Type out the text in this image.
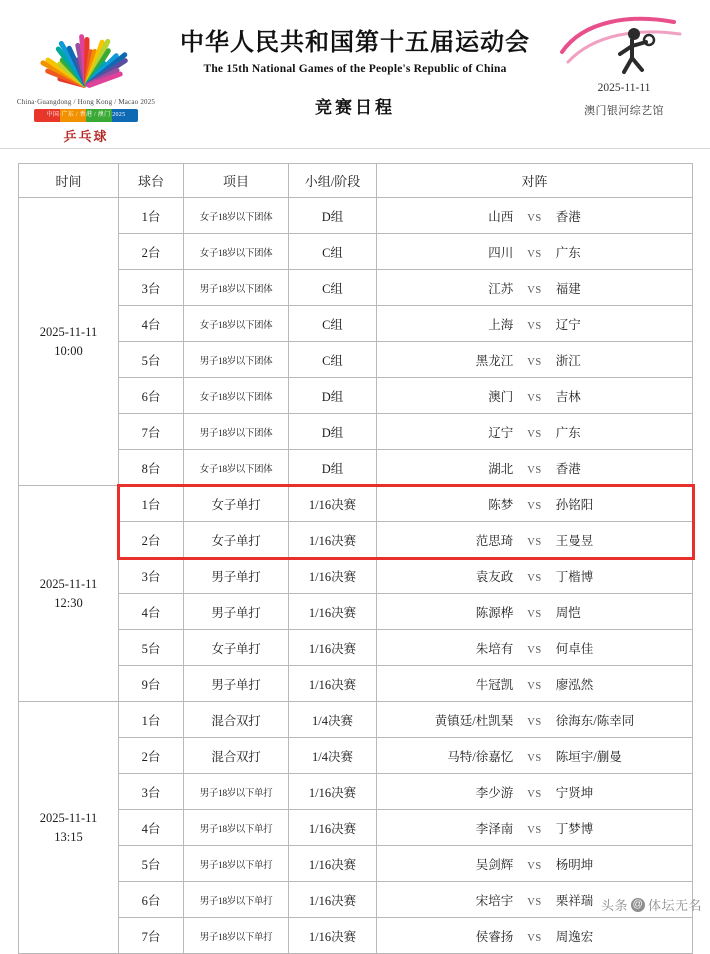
China·Guangdong / Hong Kong / Macao 2025
中国·广东 / 香港 / 澳门 2025
乒乓球
中华人民共和国第十五届运动会
The 15th National Games of the People's Republic of China
竞赛日程
2025-11-11
澳门银河综艺馆
时间	球台	项目	小组/阶段	对阵
2025-11-11
10:00	1台	女子18岁以下团体	D组	山西 VS 香港
	2台	女子18岁以下团体	C组	四川 VS 广东
	3台	男子18岁以下团体	C组	江苏 VS 福建
	4台	女子18岁以下团体	C组	上海 VS 辽宁
	5台	男子18岁以下团体	C组	黑龙江 VS 浙江
	6台	女子18岁以下团体	D组	澳门 VS 吉林
	7台	男子18岁以下团体	D组	辽宁 VS 广东
	8台	女子18岁以下团体	D组	湖北 VS 香港
2025-11-11
12:30	1台	女子单打	1/16决赛	陈梦 VS 孙铭阳
	2台	女子单打	1/16决赛	范思琦 VS 王曼昱
	3台	男子单打	1/16决赛	袁友政 VS 丁楷博
	4台	男子单打	1/16决赛	陈源桦 VS 周恺
	5台	女子单打	1/16决赛	朱培有 VS 何卓佳
	9台	男子单打	1/16决赛	牛冠凯 VS 廖泓然
2025-11-11
13:15	1台	混合双打	1/4决赛	黄镇廷/杜凯琹 VS 徐海东/陈幸同
	2台	混合双打	1/4决赛	马特/徐嘉忆 VS 陈垣宇/蒯曼
	3台	男子18岁以下单打	1/16决赛	李少游 VS 宁贤坤
	4台	男子18岁以下单打	1/16决赛	李泽南 VS 丁梦博
	5台	男子18岁以下单打	1/16决赛	吴剑辉 VS 杨明坤
	6台	男子18岁以下单打	1/16决赛	宋培宇 VS 栗祥瑞
	7台	男子18岁以下单打	1/16决赛	侯睿扬 VS 周逸宏
头条 @ 体坛无名
